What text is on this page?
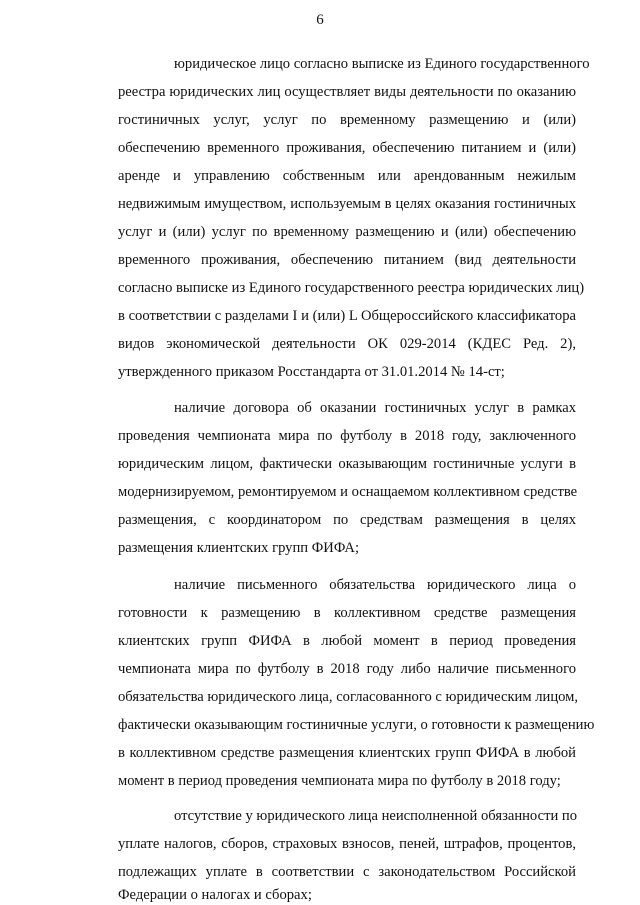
6
юридическое лицо согласно выписке из Единого государственного
реестра юридических лиц осуществляет виды деятельности по оказанию
гостиничных услуг, услуг по временному размещению и (или)
обеспечению временного проживания, обеспечению питанием и (или)
аренде и управлению собственным или арендованным нежилым
недвижимым имуществом, используемым в целях оказания гостиничных
услуг и (или) услуг по временному размещению и (или) обеспечению
временного проживания, обеспечению питанием (вид деятельности
согласно выписке из Единого государственного реестра юридических лиц)
в соответствии с разделами I и (или) L Общероссийского классификатора
видов экономической деятельности ОК 029-2014 (КДЕС Ред. 2),
утвержденного приказом Росстандарта от 31.01.2014 № 14-ст;
наличие договора об оказании гостиничных услуг в рамках
проведения чемпионата мира по футболу в 2018 году, заключенного
юридическим лицом, фактически оказывающим гостиничные услуги в
модернизируемом, ремонтируемом и оснащаемом коллективном средстве
размещения, с координатором по средствам размещения в целях
размещения клиентских групп ФИФА;
наличие письменного обязательства юридического лица о
готовности к размещению в коллективном средстве размещения
клиентских групп ФИФА в любой момент в период проведения
чемпионата мира по футболу в 2018 году либо наличие письменного
обязательства юридического лица, согласованного с юридическим лицом,
фактически оказывающим гостиничные услуги, о готовности к размещению
в коллективном средстве размещения клиентских групп ФИФА в любой
момент в период проведения чемпионата мира по футболу в 2018 году;
отсутствие у юридического лица неисполненной обязанности по
уплате налогов, сборов, страховых взносов, пеней, штрафов, процентов,
подлежащих уплате в соответствии с законодательством Российской
Федерации о налогах и сборах;
